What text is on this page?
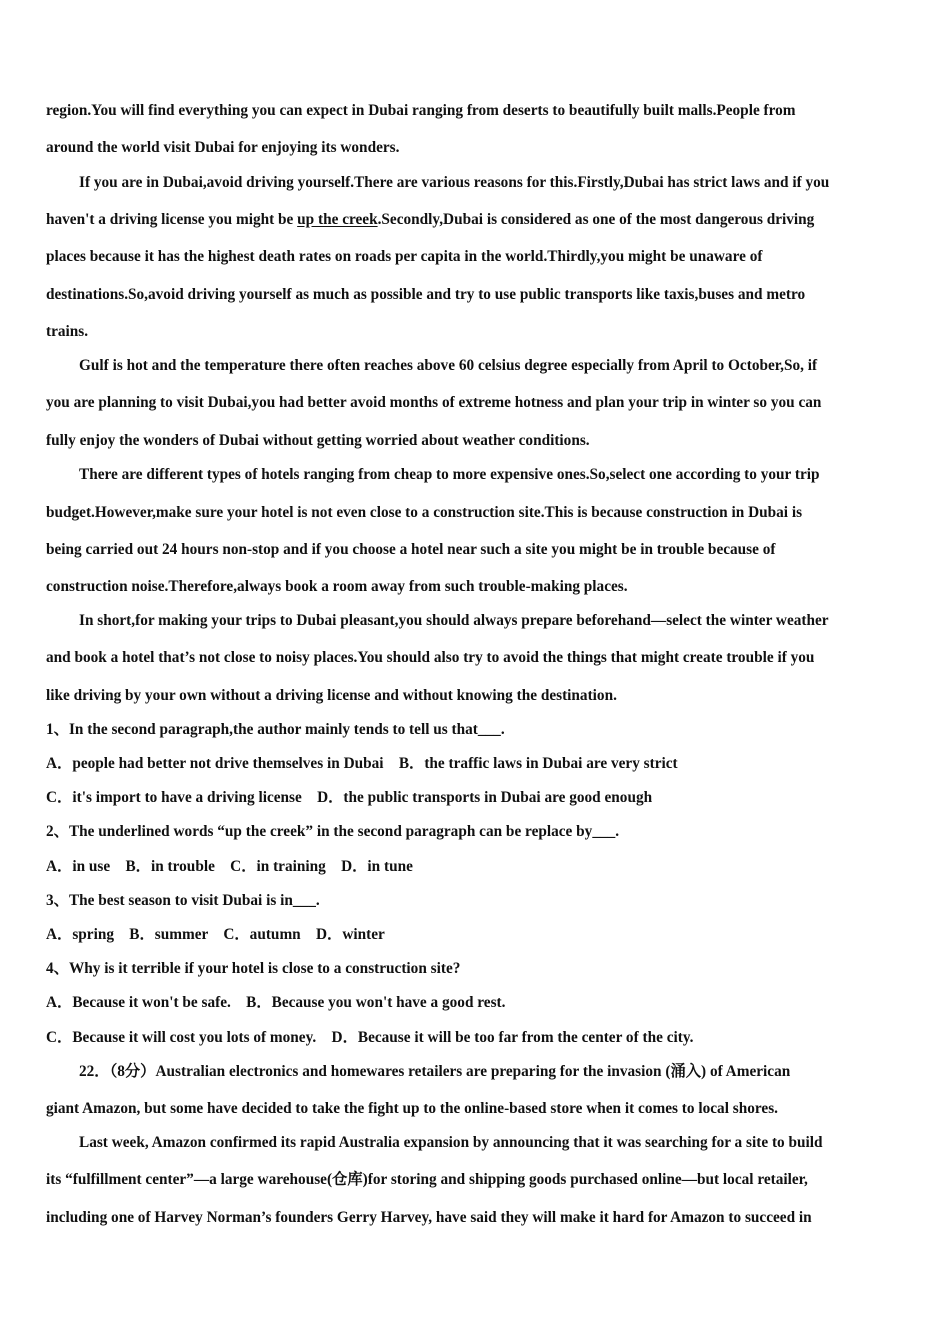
region.You will find everything you can expect in Dubai ranging from deserts to beautifully built malls.People from
around the world visit Dubai for enjoying its wonders.
If you are in Dubai,avoid driving yourself.There are various reasons for this.Firstly,Dubai has strict laws and if you
haven't a driving license you might be up the creek.Secondly,Dubai is considered as one of the most dangerous driving
places because it has the highest death rates on roads per capita in the world.Thirdly,you might be unaware of
destinations.So,avoid driving yourself as much as possible and try to use public transports like taxis,buses and metro
trains.
Gulf is hot and the temperature there often reaches above 60 celsius degree especially from April to October,So, if
you are planning to visit Dubai,you had better avoid months of extreme hotness and plan your trip in winter so you can
fully enjoy the wonders of Dubai without getting worried about weather conditions.
There are different types of hotels ranging from cheap to more expensive ones.So,select one according to your trip
budget.However,make sure your hotel is not even close to a construction site.This is because construction in Dubai is
being carried out 24 hours non-stop and if you choose a hotel near such a site you might be in trouble because of
construction noise.Therefore,always book a room away from such trouble-making places.
In short,for making your trips to Dubai pleasant,you should always prepare beforehand—select the winter weather
and book a hotel that’s not close to noisy places.You should also try to avoid the things that might create trouble if you
like driving by your own without a driving license and without knowing the destination.
1、In the second paragraph,the author mainly tends to tell us that___.
A．people had better not drive themselves in Dubai　B．the traffic laws in Dubai are very strict
C．it's import to have a driving license　D．the public transports in Dubai are good enough
2、The underlined words “up the creek” in the second paragraph can be replace by___.
A．in use　B．in trouble　C．in training　D．in tune
3、The best season to visit Dubai is in___.
A．spring　B．summer　C．autumn　D．winter
4、Why is it terrible if your hotel is close to a construction site?
A．Because it won't be safe.　B．Because you won't have a good rest.
C．Because it will cost you lots of money.　D．Because it will be too far from the center of the city.
22．（8分）Australian electronics and homewares retailers are preparing for the invasion (涌入) of American
giant Amazon, but some have decided to take the fight up to the online-based store when it comes to local shores.
Last week, Amazon confirmed its rapid Australia expansion by announcing that it was searching for a site to build
its “fulfillment center”—a large warehouse(仓库)for storing and shipping goods purchased online—but local retailer,
including one of Harvey Norman’s founders Gerry Harvey, have said they will make it hard for Amazon to succeed in
